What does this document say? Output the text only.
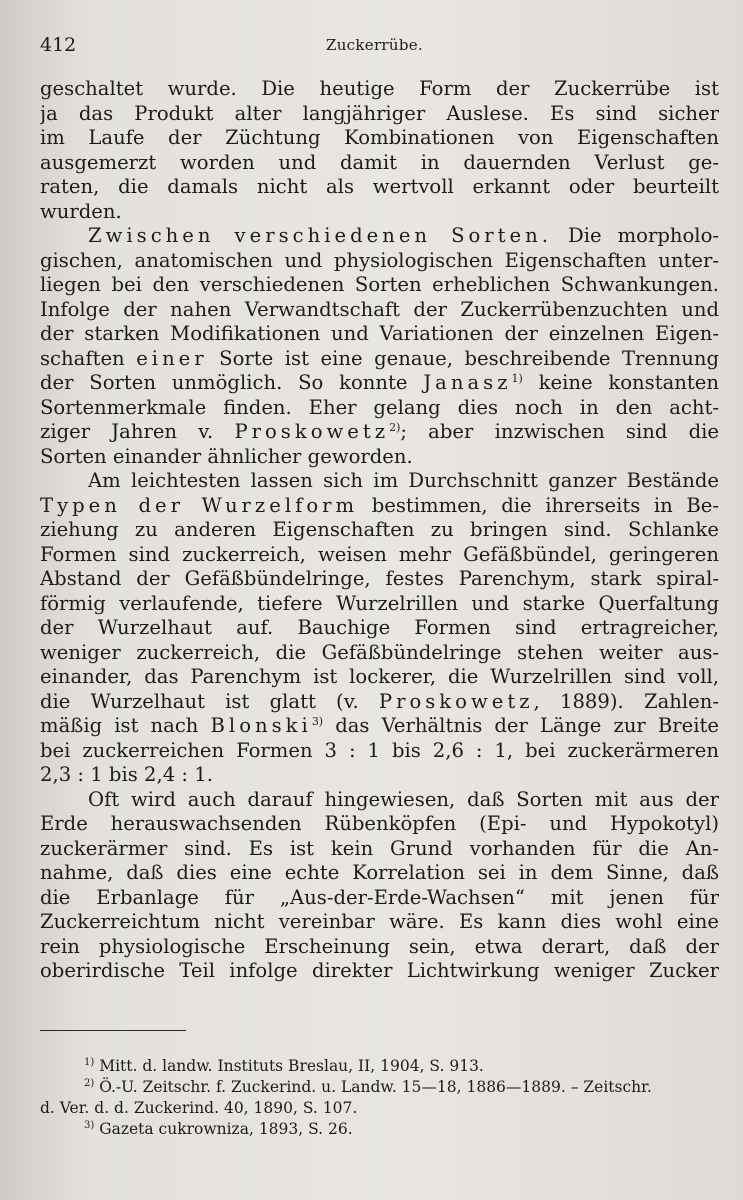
412	Zuckerrübe.
geschaltet wurde. Die heutige Form der Zuckerrübe ist
ja das Produkt alter langjähriger Auslese. Es sind sicher
im Laufe der Züchtung Kombinationen von Eigenschaften
ausgemerzt worden und damit in dauernden Verlust ge-
raten, die damals nicht als wertvoll erkannt oder beurteilt
wurden.
Zwischen verschiedenen Sorten. Die morpholo-
gischen, anatomischen und physiologischen Eigenschaften unter-
liegen bei den verschiedenen Sorten erheblichen Schwankungen.
Infolge der nahen Verwandtschaft der Zuckerrübenzuchten und
der starken Modifikationen und Variationen der einzelnen Eigen-
schaften einer Sorte ist eine genaue, beschreibende Trennung
der Sorten unmöglich. So konnte Janasz$^{1)}$ keine konstanten
Sortenmerkmale finden. Eher gelang dies noch in den acht-
ziger Jahren v. Proskowetz$^{2)}$; aber inzwischen sind die
Sorten einander ähnlicher geworden.
Am leichtesten lassen sich im Durchschnitt ganzer Bestände
Typen der Wurzelform bestimmen, die ihrerseits in Be-
ziehung zu anderen Eigenschaften zu bringen sind. Schlanke
Formen sind zuckerreich, weisen mehr Gefäßbündel, geringeren
Abstand der Gefäßbündelringe, festes Parenchym, stark spiral-
förmig verlaufende, tiefere Wurzelrillen und starke Querfaltung
der Wurzelhaut auf. Bauchige Formen sind ertragreicher,
weniger zuckerreich, die Gefäßbündelringe stehen weiter aus-
einander, das Parenchym ist lockerer, die Wurzelrillen sind voll,
die Wurzelhaut ist glatt (v. Proskowetz, 1889). Zahlen-
mäßig ist nach Blonski$^{3)}$ das Verhältnis der Länge zur Breite
bei zuckerreichen Formen 3 : 1 bis 2,6 : 1, bei zuckerärmeren
2,3 : 1 bis 2,4 : 1.
Oft wird auch darauf hingewiesen, daß Sorten mit aus der
Erde herauswachsenden Rübenköpfen (Epi- und Hypokotyl)
zuckerärmer sind. Es ist kein Grund vorhanden für die An-
nahme, daß dies eine echte Korrelation sei in dem Sinne, daß
die Erbanlage für „Aus-der-Erde-Wachsen“ mit jenen für
Zuckerreichtum nicht vereinbar wäre. Es kann dies wohl eine
rein physiologische Erscheinung sein, etwa derart, daß der
oberirdische Teil infolge direkter Lichtwirkung weniger Zucker
$^{1)}$ Mitt. d. landw. Instituts Breslau, II, 1904, S. 913.
$^{2)}$ Ö.-U. Zeitschr. f. Zuckerind. u. Landw. 15—18, 1886—1889. – Zeitschr.
d. Ver. d. d. Zuckerind. 40, 1890, S. 107.
$^{3)}$ Gazeta cukrowniza, 1893, S. 26.
